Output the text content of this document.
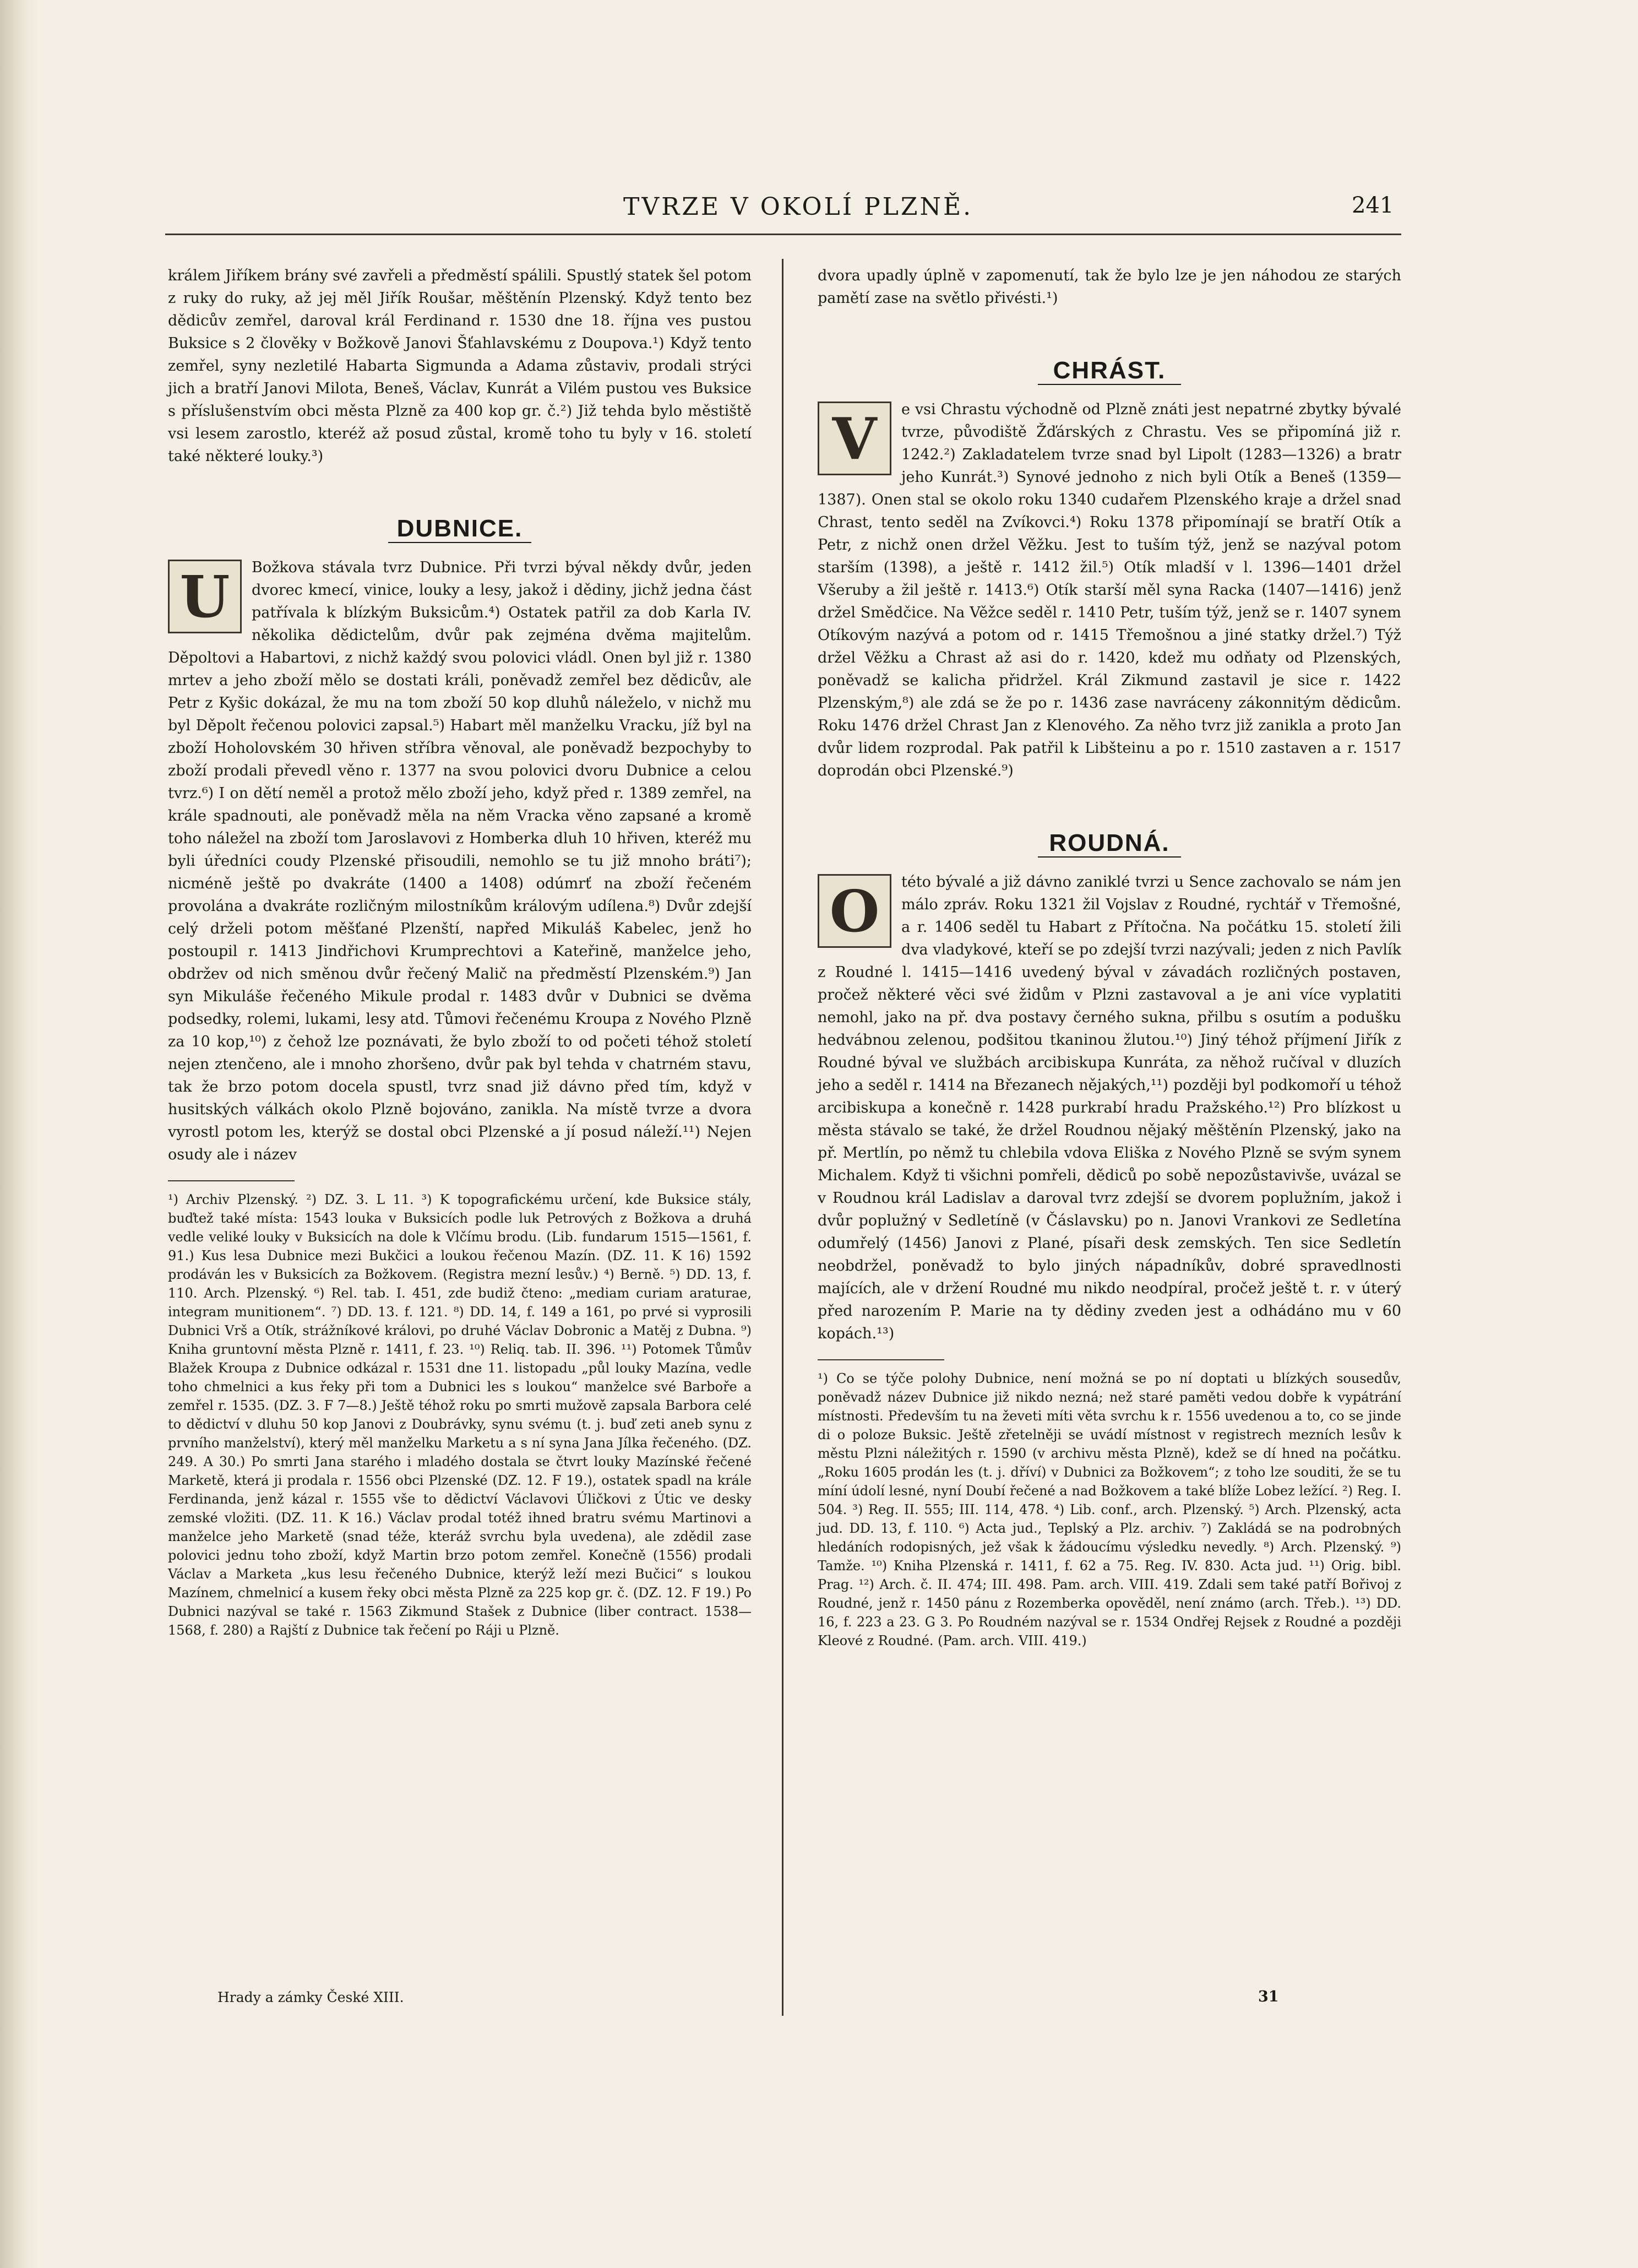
TVRZE V OKOLÍ PLZNĚ.	241

králem Jiříkem brány své zavřeli a předměstí spálili. Spustlý statek šel potom z ruky do ruky, až jej měl Jiřík Roušar, měštěnín Plzenský. Když tento bez dědicův zemřel, daroval král Ferdinand r. 1530 dne 18. října ves pustou Buksice s 2 člověky v Božkově Janovi Šťahlavskému z Doupova.¹) Když tento zemřel, syny nezletilé Habarta Sigmunda a Adama zůstaviv, prodali strýci jich a bratří Janovi Milota, Beneš, Václav, Kunrát a Vilém pustou ves Buksice s příslušenstvím obci města Plzně za 400 kop gr. č.²) Již tehda bylo městiště vsi lesem zarostlo, kteréž až posud zůstal, kromě toho tu byly v 16. století také některé louky.³)

DUBNICE.
U	Božkova stávala tvrz Dubnice. Při tvrzi býval někdy dvůr, jeden dvorec kmecí, vinice, louky a lesy, jakož i dědiny, jichž jedna část patřívala k blízkým Buksicům.⁴) Ostatek patřil za dob Karla IV. několika dědictelům, dvůr pak zejména dvěma majitelům. Děpoltovi a Habartovi, z nichž každý svou polovici vládl. Onen byl již r. 1380 mrtev a jeho zboží mělo se dostati králi, poněvadž zemřel bez dědicův, ale Petr z Kyšic dokázal, že mu na tom zboží 50 kop dluhů náleželo, v nichž mu byl Děpolt řečenou polovici zapsal.⁵) Habart měl manželku Vracku, jíž byl na zboží Hoholovském 30 hřiven stříbra věnoval, ale poněvadž bezpochyby to zboží prodali převedl věno r. 1377 na svou polovici dvoru Dubnice a celou tvrz.⁶) I on dětí neměl a protož mělo zboží jeho, když před r. 1389 zemřel, na krále spadnouti, ale poněvadž měla na něm Vracka věno zapsané a kromě toho náležel na zboží tom Jaroslavovi z Homberka dluh 10 hřiven, kteréž mu byli úředníci coudy Plzenské přisoudili, nemohlo se tu již mnoho bráti⁷); nicméně ještě po dvakráte (1400 a 1408) odúmrť na zboží řečeném provolána a dvakráte rozličným milostníkům královým udílena.⁸) Dvůr zdejší celý drželi potom měšťané Plzenští, napřed Mikuláš Kabelec, jenž ho postoupil r. 1413 Jindřichovi Krumprechtovi a Kateřině, manželce jeho, obdržev od nich směnou dvůr řečený Malič na předměstí Plzenském.⁹) Jan syn Mikuláše řečeného Mikule prodal r. 1483 dvůr v Dubnici se dvěma podsedky, rolemi, lukami, lesy atd. Tůmovi řečenému Kroupa z Nového Plzně za 10 kop,¹⁰) z čehož lze poznávati, že bylo zboží to od početi téhož století nejen ztenčeno, ale i mnoho zhoršeno, dvůr pak byl tehda v chatrném stavu, tak že brzo potom docela spustl, tvrz snad již dávno před tím, když v husitských válkách okolo Plzně bojováno, zanikla. Na místě tvrze a dvora vyrostl potom les, kterýž se dostal obci Plzenské a jí posud náleží.¹¹) Nejen osudy ale i název

¹) Archiv Plzenský. ²) DZ. 3. L 11. ³) K topografickému určení, kde Buksice stály, buďtež také místa: 1543 louka v Buksicích podle luk Petrových z Božkova a druhá vedle veliké louky v Buksicích na dole k Vlčímu brodu. (Lib. fundarum 1515—1561, f. 91.) Kus lesa Dubnice mezi Bukčici a loukou řečenou Mazín. (DZ. 11. K 16) 1592 prodáván les v Buksicích za Božkovem. (Registra mezní lesův.) ⁴) Berně. ⁵) DD. 13, f. 110. Arch. Plzenský. ⁶) Rel. tab. I. 451, zde budiž čteno: „mediam curiam araturae, integram munitionem“. ⁷) DD. 13. f. 121. ⁸) DD. 14, f. 149 a 161, po prvé si vyprosili Dubnici Vrš a Otík, strážníkové královi, po druhé Václav Dobronic a Matěj z Dubna. ⁹) Kniha gruntovní města Plzně r. 1411, f. 23. ¹⁰) Reliq. tab. II. 396. ¹¹) Potomek Tůmův Blažek Kroupa z Dubnice odkázal r. 1531 dne 11. listopadu „půl louky Mazína, vedle toho chmelnici a kus řeky při tom a Dubnici les s loukou“ manželce své Barboře a zemřel r. 1535. (DZ. 3. F 7—8.) Ještě téhož roku po smrti mužově zapsala Barbora celé to dědictví v dluhu 50 kop Janovi z Doubrávky, synu svému (t. j. buď zeti aneb synu z prvního manželství), který měl manželku Marketu a s ní syna Jana Jílka řečeného. (DZ. 249. A 30.) Po smrti Jana starého i mladého dostala se čtvrt louky Mazínské řečené Marketě, která ji prodala r. 1556 obci Plzenské (DZ. 12. F 19.), ostatek spadl na krále Ferdinanda, jenž kázal r. 1555 vše to dědictví Václavovi Úličkovi z Útic ve desky zemské vložiti. (DZ. 11. K 16.) Václav prodal totéž ihned bratru svému Martinovi a manželce jeho Marketě (snad téže, kteráž svrchu byla uvedena), ale zdědil zase polovici jednu toho zboží, když Martin brzo potom zemřel. Konečně (1556) prodali Václav a Marketa „kus lesu řečeného Dubnice, kterýž leží mezi Bučici“ s loukou Mazínem, chmelnicí a kusem řeky obci města Plzně za 225 kop gr. č. (DZ. 12. F 19.) Po Dubnici nazýval se také r. 1563 Zikmund Stašek z Dubnice (liber contract. 1538—1568, f. 280) a Rajští z Dubnice tak řečení po Ráji u Plzně.

dvora upadly úplně v zapomenutí, tak že bylo lze je jen náhodou ze starých pamětí zase na světlo přivésti.¹)

CHRÁST.
V	e vsi Chrastu východně od Plzně znáti jest nepatrné zbytky bývalé tvrze, původiště Žďárských z Chrastu. Ves se připomíná již r. 1242.²) Zakladatelem tvrze snad byl Lipolt (1283—1326) a bratr jeho Kunrát.³) Synové jednoho z nich byli Otík a Beneš (1359—1387). Onen stal se okolo roku 1340 cudařem Plzenského kraje a držel snad Chrast, tento seděl na Zvíkovci.⁴) Roku 1378 připomínají se bratří Otík a Petr, z nichž onen držel Věžku. Jest to tuším týž, jenž se nazýval potom starším (1398), a ještě r. 1412 žil.⁵) Otík mladší v l. 1396—1401 držel Všeruby a žil ještě r. 1413.⁶) Otík starší měl syna Racka (1407—1416) jenž držel Smědčice. Na Věžce seděl r. 1410 Petr, tuším týž, jenž se r. 1407 synem Otíkovým nazývá a potom od r. 1415 Třemošnou a jiné statky držel.⁷) Týž držel Věžku a Chrast až asi do r. 1420, kdež mu odňaty od Plzenských, poněvadž se kalicha přidržel. Král Zikmund zastavil je sice r. 1422 Plzenským,⁸) ale zdá se že po r. 1436 zase navráceny zákonnitým dědicům. Roku 1476 držel Chrast Jan z Klenového. Za něho tvrz již zanikla a proto Jan dvůr lidem rozprodal. Pak patřil k Libšteinu a po r. 1510 zastaven a r. 1517 doprodán obci Plzenské.⁹)

ROUDNÁ.
O	této bývalé a již dávno zaniklé tvrzi u Sence zachovalo se nám jen málo zpráv. Roku 1321 žil Vojslav z Roudné, rychtář v Třemošné, a r. 1406 seděl tu Habart z Přítočna. Na počátku 15. století žili dva vladykové, kteří se po zdejší tvrzi nazývali; jeden z nich Pavlík z Roudné l. 1415—1416 uvedený býval v závadách rozličných postaven, pročež některé věci své židům v Plzni zastavoval a je ani více vyplatiti nemohl, jako na př. dva postavy černého sukna, přilbu s osutím a podušku hedvábnou zelenou, podšitou tkaninou žlutou.¹⁰) Jiný téhož příjmení Jiřík z Roudné býval ve službách arcibiskupa Kunráta, za něhož ručíval v dluzích jeho a seděl r. 1414 na Březanech nějakých,¹¹) později byl podkomoří u téhož arcibiskupa a konečně r. 1428 purkrabí hradu Pražského.¹²) Pro blízkost u města stávalo se také, že držel Roudnou nějaký měštěnín Plzenský, jako na př. Mertlín, po němž tu chlebila vdova Eliška z Nového Plzně se svým synem Michalem. Když ti všichni pomřeli, dědiců po sobě nepozůstavivše, uvázal se v Roudnou král Ladislav a daroval tvrz zdejší se dvorem poplužním, jakož i dvůr poplužný v Sedletíně (v Čáslavsku) po n. Janovi Vrankovi ze Sedletína odumřelý (1456) Janovi z Plané, písaři desk zemských. Ten sice Sedletín neobdržel, poněvadž to bylo jiných nápadníkův, dobré spravedlnosti majících, ale v držení Roudné mu nikdo neodpíral, pročež ještě t. r. v úterý před narozením P. Marie na ty dědiny zveden jest a odhádáno mu v 60 kopách.¹³)

¹) Co se týče polohy Dubnice, není možná se po ní doptati u blízkých sousedův, poněvadž název Dubnice již nikdo nezná; než staré paměti vedou dobře k vypátrání místnosti. Především tu na ževeti míti věta svrchu k r. 1556 uvedenou a to, co se jinde di o poloze Buksic. Ještě zřetelněji se uvádí místnost v registrech mezních lesův k městu Plzni náležitých r. 1590 (v archivu města Plzně), kdež se dí hned na počátku. „Roku 1605 prodán les (t. j. dříví) v Dubnici za Božkovem“; z toho lze souditi, že se tu míní údolí lesné, nyní Doubí řečené a nad Božkovem a také blíže Lobez ležící. ²) Reg. I. 504. ³) Reg. II. 555; III. 114, 478. ⁴) Lib. conf., arch. Plzenský. ⁵) Arch. Plzenský, acta jud. DD. 13, f. 110. ⁶) Acta jud., Teplský a Plz. archiv. ⁷) Zakládá se na podrobných hledáních rodopisných, jež však k žádoucímu výsledku nevedly. ⁸) Arch. Plzenský. ⁹) Tamže. ¹⁰) Kniha Plzenská r. 1411, f. 62 a 75. Reg. IV. 830. Acta jud. ¹¹) Orig. bibl. Prag. ¹²) Arch. č. II. 474; III. 498. Pam. arch. VIII. 419. Zdali sem také patří Bořivoj z Roudné, jenž r. 1450 pánu z Rozemberka opověděl, není známo (arch. Třeb.). ¹³) DD. 16, f. 223 a 23. G 3. Po Roudném nazýval se r. 1534 Ondřej Rejsek z Roudné a později Kleové z Roudné. (Pam. arch. VIII. 419.)

Hrady a zámky České XIII.	31
